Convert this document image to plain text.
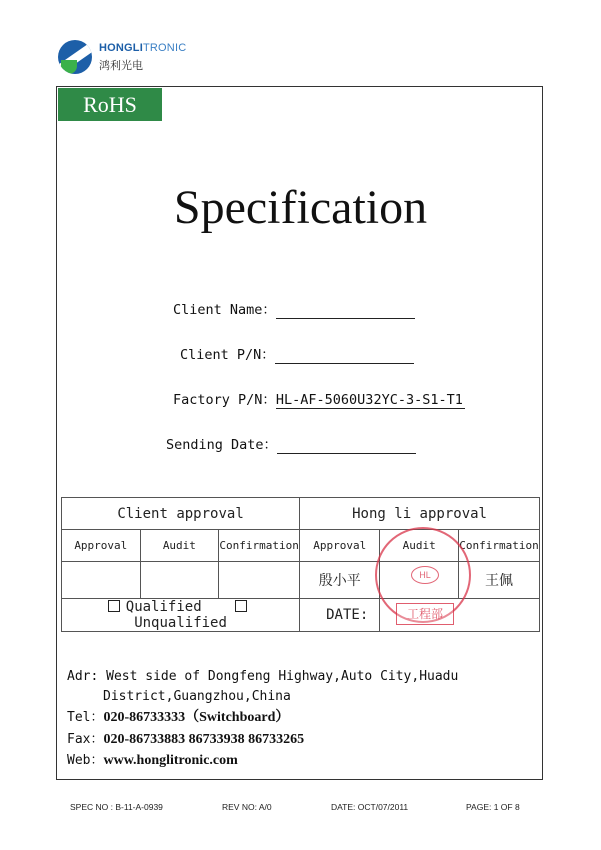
HONGLITRONIC
鸿利光电
RoHS
Specification
Client Name：
Client P/N：
Factory P/N：HL-AF-5060U32YC-3-S1-T1
Sending Date：
Client approval			Hong li approval		
Approval	Audit	Confirmation	Approval	Audit	Confirmation
			殷小平		王佩
Qualified    Unqualified			DATE:		
HL
工程部
Adr: West side of Dongfeng Highway,Auto City,Huadu
District,Guangzhou,China
Tel：020-86733333（Switchboard）
Fax：020-86733883 86733938 86733265
Web：www.honglitronic.com
SPEC NO : B-11-A-0939	REV NO: A/0	DATE: OCT/07/2011	PAGE: 1 OF 8
